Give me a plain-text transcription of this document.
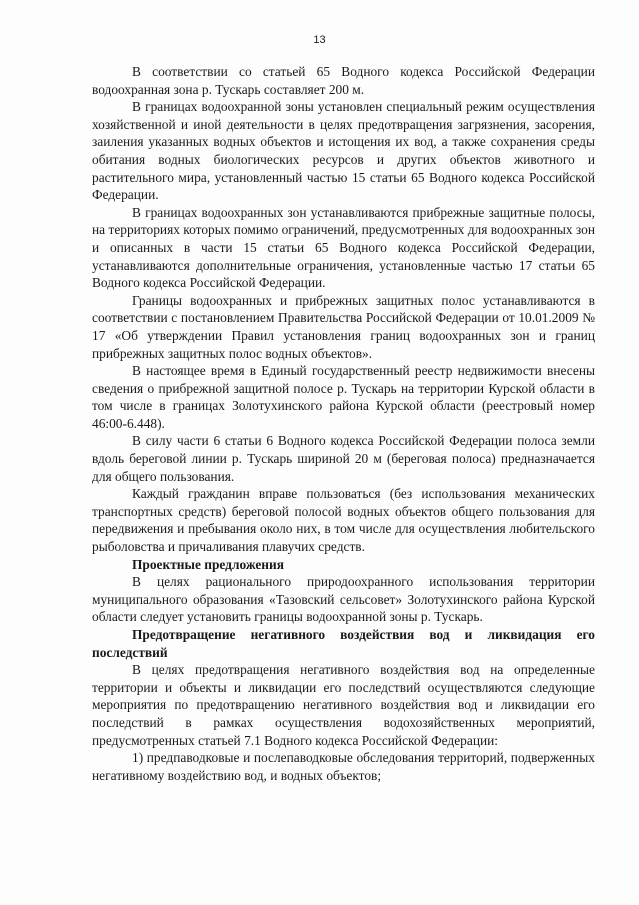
13

В соответствии со статьей 65 Водного кодекса Российской Федерации водоохранная зона р. Тускарь составляет 200 м.

В границах водоохранной зоны установлен специальный режим осуществления хозяйственной и иной деятельности в целях предотвращения загрязнения, засорения, заиления указанных водных объектов и истощения их вод, а также сохранения среды обитания водных биологических ресурсов и других объектов животного и растительного мира, установленный частью 15 статьи 65 Водного кодекса Российской Федерации.

В границах водоохранных зон устанавливаются прибрежные защитные полосы, на территориях которых помимо ограничений, предусмотренных для водоохранных зон и описанных в части 15 статьи 65 Водного кодекса Российской Федерации, устанавливаются дополнительные ограничения, установленные частью 17 статьи 65 Водного кодекса Российской Федерации.

Границы водоохранных и прибрежных защитных полос устанавливаются в соответствии с постановлением Правительства Российской Федерации от 10.01.2009 № 17 «Об утверждении Правил установления границ водоохранных зон и границ прибрежных защитных полос водных объектов».

В настоящее время в Единый государственный реестр недвижимости внесены сведения о прибрежной защитной полосе р. Тускарь на территории Курской области в том числе в границах Золотухинского района Курской области (реестровый номер 46:00-6.448).

В силу части 6 статьи 6 Водного кодекса Российской Федерации полоса земли вдоль береговой линии р. Тускарь шириной 20 м (береговая полоса) предназначается для общего пользования.

Каждый гражданин вправе пользоваться (без использования механических транспортных средств) береговой полосой водных объектов общего пользования для передвижения и пребывания около них, в том числе для осуществления любительского рыболовства и причаливания плавучих средств.

Проектные предложения

В целях рационального природоохранного использования территории муниципального образования «Тазовский сельсовет» Золотухинского района Курской области следует установить границы водоохранной зоны р. Тускарь.

Предотвращение негативного воздействия вод и ликвидация его последствий

В целях предотвращения негативного воздействия вод на определенные территории и объекты и ликвидации его последствий осуществляются следующие мероприятия по предотвращению негативного воздействия вод и ликвидации его последствий в рамках осуществления водохозяйственных мероприятий, предусмотренных статьей 7.1 Водного кодекса Российской Федерации:

1) предпаводковые и послепаводковые обследования территорий, подверженных негативному воздействию вод, и водных объектов;
